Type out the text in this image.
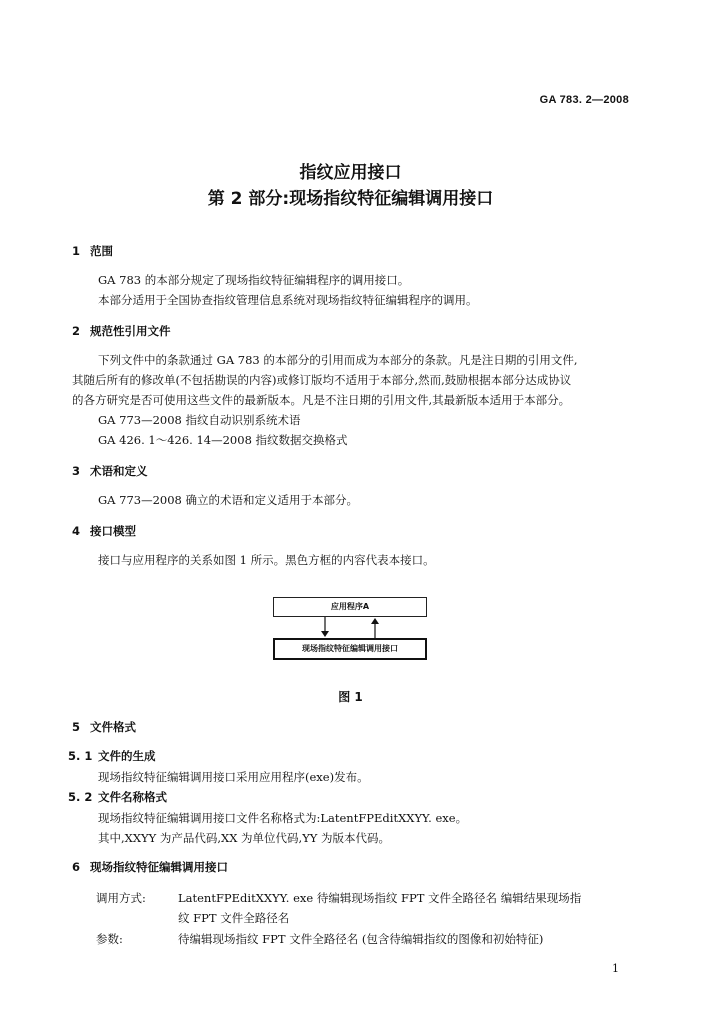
GA 783. 2—2008
指纹应用接口
第 2 部分:现场指纹特征编辑调用接口
1 范围
GA 783 的本部分规定了现场指纹特征编辑程序的调用接口。
本部分适用于全国协查指纹管理信息系统对现场指纹特征编辑程序的调用。
2 规范性引用文件
下列文件中的条款通过 GA 783 的本部分的引用而成为本部分的条款。凡是注日期的引用文件,
其随后所有的修改单(不包括勘误的内容)或修订版均不适用于本部分,然而,鼓励根据本部分达成协议
的各方研究是否可使用这些文件的最新版本。凡是不注日期的引用文件,其最新版本适用于本部分。
GA 773—2008 指纹自动识别系统术语
GA 426. 1～426. 14—2008 指纹数据交换格式
3 术语和定义
GA 773—2008 确立的术语和定义适用于本部分。
4 接口模型
接口与应用程序的关系如图 1 所示。黑色方框的内容代表本接口。
应用程序A
现场指纹特征编辑调用接口
图 1
5 文件格式
5. 1 文件的生成
现场指纹特征编辑调用接口采用应用程序(exe)发布。
5. 2 文件名称格式
现场指纹特征编辑调用接口文件名称格式为:LatentFPEditXXYY. exe。
其中,XXYY 为产品代码,XX 为单位代码,YY 为版本代码。
6 现场指纹特征编辑调用接口
调用方式:	LatentFPEditXXYY. exe 待编辑现场指纹 FPT 文件全路径名 编辑结果现场指
纹 FPT 文件全路径名
参数:	待编辑现场指纹 FPT 文件全路径名 (包含待编辑指纹的图像和初始特征)
1
